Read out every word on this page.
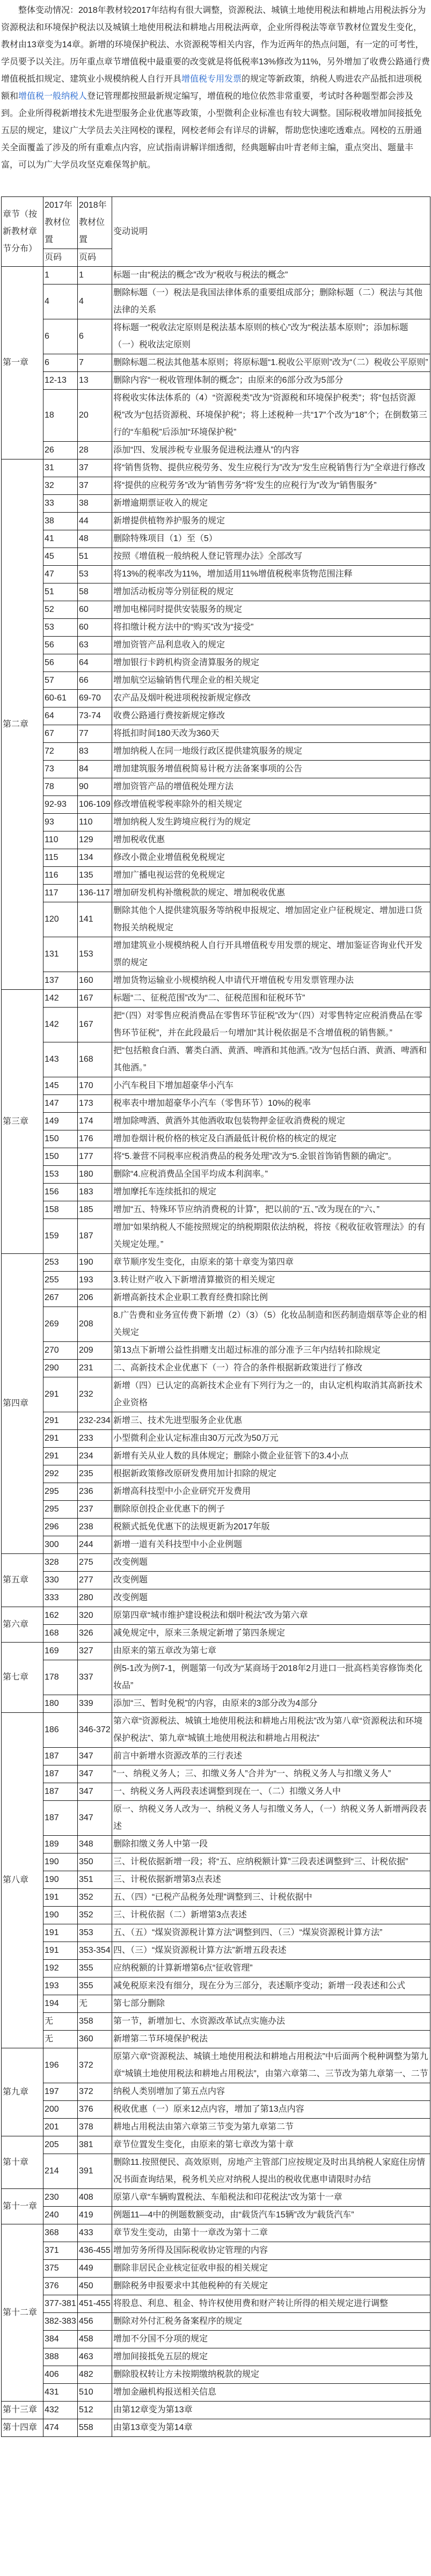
整体变动情况：2018年教材较2017年结构有很大调整，资源税法、城镇土地使用税法和耕地占用税法拆分为资源税法和环境保护税法以及城镇土地使用税法和耕地占用税法两章，企业所得税法等章节教材位置发生变化，教材由13章变为14章。新增的环境保护税法、水资源税等相关内容，作为近两年的热点问题，有一定的可考性，学员要予以关注。历年重点章节增值税中最重要的改变就是将低税率13%修改为11%，另外增加了收费公路通行费增值税抵扣规定、建筑业小规模纳税人自行开具增值税专用发票的规定等新政策，纳税人购进农产品抵扣进项税额和增值税一般纳税人登记管理都按照最新规定编写，增值税的地位依然非常重要，考试时各种题型都会涉及到。企业所得税新增技术先进型服务企业优惠等政策，小型微利企业标准也有较大调整。国际税收增加间接抵免五层的规定，建议广大学员去关注网校的课程，网校老师会有详尽的讲解，帮助您快速吃透难点。网校的五册通关全面覆盖了涉及的所有重难点内容，应试指南讲解详细透彻，经典题解由叶青老师主编，重点突出、题量丰富，可以为广大学员攻坚克难保驾护航。

章节（按新教材章节分布）	2017年教材位置	2018年教材位置	变动说明
	页码	页码	
第一章	1	1	标题一由“税法的概念”改为“税收与税法的概念”
	4	4	删除标题（一）税法是我国法律体系的重要组成部分；删除标题（二）税法与其他法律的关系
	6	6	将标题一“税收法定原则是税法基本原则的核心”改为“税法基本原则”；添加标题（一）税收法定原则
	6	7	删除标题二税法其他基本原则；将原标题“1.税收公平原则”改为“（二）税收公平原则”
	12-13	13	删除内容“一税收管理体制的概念”；由原来的6部分改为5部分
	18	20	将税收实体法体系的（4）“资源税类”改为“资源税和环境保护税类”；将“包括资源税”改为“包括资源税、环境保护税”；将上述税种一共“17”个改为“18”个；在倒数第三行的“车船税”后添加“环境保护税”
	26	28	添加“四、发展涉税专业服务促进税法遵从”的内容
第二章	31	37	将“销售货物、提供应税劳务、发生应税行为”改为“发生应税销售行为”全章进行修改
	32	37	将“提供的应税劳务”改为“销售劳务”将“发生的应税行为”改为“销售服务”
	33	38	新增逾期票证收入的规定
	38	44	新增提供植物养护服务的规定
	41	48	删除特殊项目（1）至（5）
	45	51	按照《增值税一般纳税人登记管理办法》全部改写
	47	53	将13%的税率改为11%，增加适用11%增值税税率货物范围注释
	51	58	增加活动板房等分别征税的规定
	52	60	增加电梯同时提供安装服务的规定
	53	60	将扣缴计税方法中的“购买”改为“接受”
	56	63	增加资管产品利息收入的规定
	56	64	增加银行卡跨机构资金清算服务的规定
	57	66	增加航空运输销售代理企业的相关规定
	60-61	69-70	农产品及烟叶税进项税按新规定修改
	64	73-74	收费公路通行费按新规定修改
	67	77	将抵扣时间180天改为360天
	72	83	增加纳税人在同一地级行政区提供建筑服务的规定
	73	84	增加建筑服务增值税简易计税方法备案事项的公告
	78	90	增加资管产品的增值税处理方法
	92-93	106-109	修改增值税零税率除外的相关规定
	93	110	增加纳税人发生跨境应税行为的规定
	110	129	增加税收优惠
	115	134	修改小微企业增值税免税规定
	116	135	增加广播电视运营的免税规定
	117	136-117	增加研发机构补缴税款的规定、增加税收优惠
	120	141	删除其他个人提供建筑服务等纳税申报规定、增加固定业户征税规定、增加进口货物报关纳税规定
	131	153	增加建筑业小规模纳税人自行开具增值税专用发票的规定、增加鉴证咨询业代开发票的规定
	137	160	增加货物运输业小规模纳税人申请代开增值税专用发票管理办法
第三章	142	167	标题“二、征税范围”改为“二、征税范围和征税环节”
	142	167	把“（四）对零售应税消费品在零售环节征税”改为“（四）对零售特定应税消费品在零售环节征税”，并在此段最后一句增加“其计税依据是不含增值税的销售额。”
	143	168	把“包括粮食白酒、薯类白酒、黄酒、啤酒和其他酒。”改为“包括白酒、黄酒、啤酒和其他酒。”
	145	170	小汽车税目下增加超豪华小汽车
	147	173	税率表中增加超豪华小汽车（零售环节）10%的税率
	149	174	增加除啤酒、黄酒外其他酒收取包装物押金征收消费税的规定
	150	176	增加卷烟计税价格的核定及白酒最低计税价格的核定的规定
	150	177	将“5.兼营不同税率应税消费品的税务处理”改为“5.金银首饰销售额的确定”。
	153	180	删除“4.应税消费品全国平均成本利润率。”
	156	183	增加摩托车连续抵扣的规定
	158	185	增加“五、特殊环节应纳消费税的计算”，把以前的“五、”改为现在的“六、”
	159	187	增加“如果纳税人不能按照规定的纳税期限依法纳税，将按《税收征收管理法》的有关规定处理。”
第四章	253	190	章节顺序发生变化，由原来的第十章变为第四章
	255	193	3.转让财产收入下新增清算撤资的相关规定
	267	206	新增高新技术企业职工教育经费扣除比例
	269	208	8.广告费和业务宣传费下新增（2）（3）（5）化妆品制造和医药制造烟草等企业的相关规定
	270	209	第13点下新增公益性捐赠支出超过标准的部分准予三年内结转扣除规定
	290	231	二、高新技术企业优惠下（一）符合的条件根据新政策进行了修改
	291	232	新增（四）已认定的高新技术企业有下列行为之一的，由认定机构取消其高新技术企业资格
	291	232-234	新增三、技术先进型服务企业优惠
	291	233	小型微利企业认定标准由30万元改为50万元
	291	234	新增有关从业人数的具体规定；删除小微企业征管下的3.4小点
	292	235	根据新政策修改原研发费用加计扣除的规定
	295	236	新增高科技型中小企业研究开发费用
	295	237	删除原创投企业优惠下的例子
	296	238	税额式抵免优惠下的法规更新为2017年版
	300	244	新增一道有关科技型中小企业例题
第五章	328	275	改变例题
	330	277	改变例题
	333	280	改变例题
第六章	162	320	原第四章“城市维护建设税法和烟叶税法”改为第六章
	168	326	减免规定中，原来三条规定新增了第四条规定
第七章	169	327	由原来的第五章改为第七章
	178	337	例5-1改为例7-1，例题第一句改为“某商场于2018年2月进口一批高档美容修饰类化妆品”
	180	339	添加“三、暂时免税”的内容，由原来的3部分改为4部分
第八章	186	346-372	第六章“资源税法、城镇土地使用税法和耕地占用税法”改为第八章“资源税法和环境保护税法”、第九章“城镇土地使用税法和耕地占用税法”
	187	347	前言中新增水资源改革的三行表述
	187	347	“一、纳税义务人；三、扣缴义务人”合并为“一、纳税义务人与扣缴义务人”
	187	347	一、纳税义务人两段表述调整到现在一、（二）扣缴义务人中
	187	347	原一、纳税义务人改为一、纳税义务人与扣缴义务人，（一）纳税义务人新增两段表述
	189	348	删除扣缴义务人中第一段
	190	350	三、计税依据新增一段；将“五、应纳税额计算”三段表述调整到“三、计税依据”
	190	351	三、计税依据新增第3点表述
	191	352	五、（四）“已税产品税务处理”调整到三、计税依据中
	190	352	三、计税依据（二）新增第3点表述
	191	353	五、（五）“煤炭资源税计算方法”调整到四、（三）“煤炭资源税计算方法”
	191	353-354	四、（三）“煤炭资源税计算方法”新增五段表述
	192	355	应纳税额的计算新增第6点“征收管理”
	193	355	减免税原来没有细分，现在分为三部分，表述顺序变动；新增一段表述和公式
	194	无	第七部分删除
	无	358	第一节，新增加七、水资源改革试点实施办法
	无	360	新增第二节环境保护税法
第九章	196	372	原第六章“资源税法、城镇土地使用税法和耕地占用税法”中后面两个税种调整为第九章“城镇土地使用税法和耕地占用税法”，由第六章第二、三节改为第九章第一、二节
	197	372	纳税人类别增加了第五点内容
	200	376	税收优惠（一）原来12点内容，增加了第13点内容
	201	378	耕地占用税法由第六章第三节变为第九章第二节
第十章	205	381	章节位置发生变化，由原来的第七章改为第十章
	214	391	删除11.按照便民、高效原则，房地产主管部门应按规定及时出具纳税人家庭住房情况书面查询结果，税务机关应对纳税人提出的税收优惠申请限时办结
第十一章	230	408	原第八章“车辆购置税法、车船税法和印花税法”改为第十一章
	240	419	例题11—4中的例题数额变动，由“载货汽车15辆”改为“载货汽车”
第十二章	368	433	章节发生变动，由第十一章改为第十二章
	371	436-455	增加劳务所得及国际税收协定管理的内容
	375	449	删除非居民企业核定征收申报的相关规定
	376	450	删除税务申报要求中其他税种的有关规定
	377-381	451-455	将股息、利息、租金、特许权使用费和财产转让所得的相关规定进行调整
	382-383	456	删除对外付汇税务备案程序的规定
	384	458	增加不分国不分项的规定
	388	463	增加间接抵免五层的规定
	406	482	删除股权转让方未按期缴纳税款的规定
	431	510	增加金融机构报送相关信息
第十三章	432	512	由第12章变为第13章
第十四章	474	558	由第13章变为第14章
